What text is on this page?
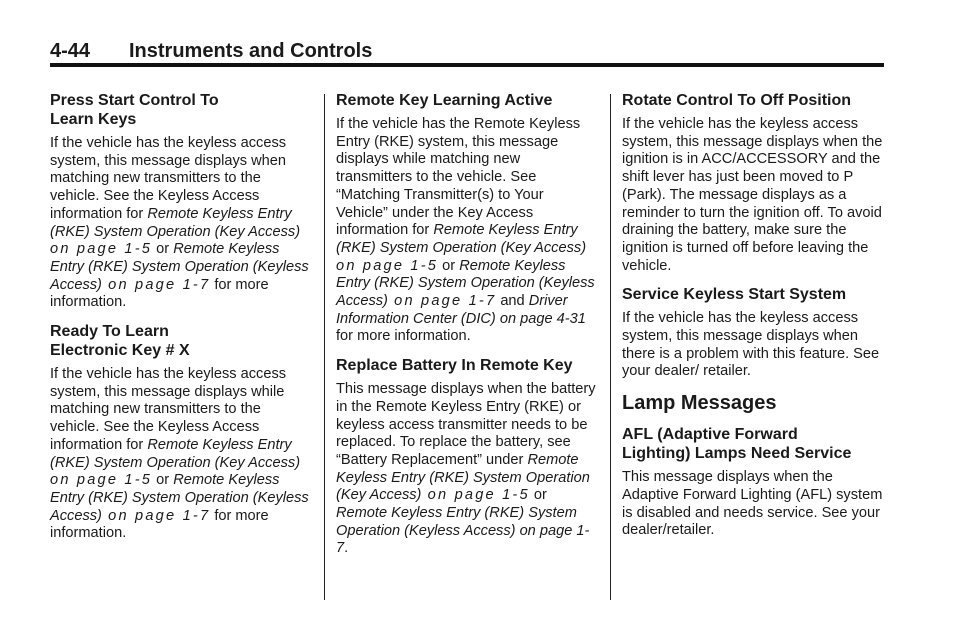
4-44 Instruments and Controls
Press Start Control To
Learn Keys

If the vehicle has the keyless access system, this message displays when matching new transmitters to the vehicle. See the Keyless Access information for Remote Keyless Entry (RKE) System Operation (Key Access) on page 1-5 or Remote Keyless Entry (RKE) System Operation (Keyless Access) on page 1-7 for more information.

Ready To Learn
Electronic Key # X

If the vehicle has the keyless access system, this message displays while matching new transmitters to the vehicle. See the Keyless Access information for Remote Keyless Entry (RKE) System Operation (Key Access) on page 1-5 or Remote Keyless Entry (RKE) System Operation (Keyless Access) on page 1-7 for more information.

Remote Key Learning Active

If the vehicle has the Remote Keyless Entry (RKE) system, this message displays while matching new transmitters to the vehicle. See “Matching Transmitter(s) to Your Vehicle” under the Key Access information for Remote Keyless Entry (RKE) System Operation (Key Access) on page 1-5 or Remote Keyless Entry (RKE) System Operation (Keyless Access) on page 1-7 and Driver Information Center (DIC) on page 4-31 for more information.

Replace Battery In Remote Key

This message displays when the battery in the Remote Keyless Entry (RKE) or keyless access transmitter needs to be replaced. To replace the battery, see “Battery Replacement” under Remote Keyless Entry (RKE) System Operation (Key Access) on page 1-5 or Remote Keyless Entry (RKE) System Operation (Keyless Access) on page 1-7.

Rotate Control To Off Position

If the vehicle has the keyless access system, this message displays when the ignition is in ACC/ACCESSORY and the shift lever has just been moved to P (Park). The message displays as a reminder to turn the ignition off. To avoid draining the battery, make sure the ignition is turned off before leaving the vehicle.

Service Keyless Start System

If the vehicle has the keyless access system, this message displays when there is a problem with this feature. See your dealer/ retailer.

Lamp Messages
AFL (Adaptive Forward
Lighting) Lamps Need Service

This message displays when the Adaptive Forward Lighting (AFL) system is disabled and needs service. See your dealer/retailer.
